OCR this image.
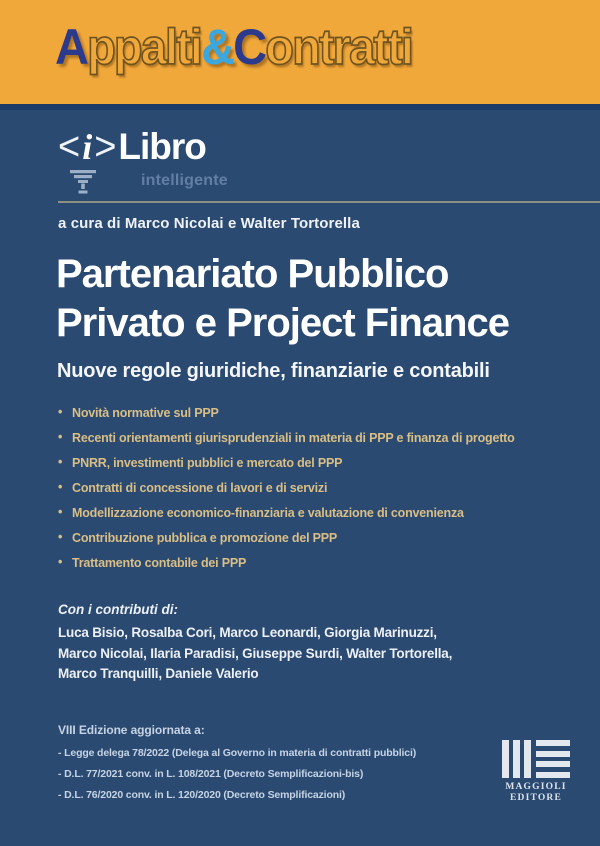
Appalti&Contratti
<i>Libro
intelligente
a cura di Marco Nicolai e Walter Tortorella
Partenariato Pubblico
Privato e Project Finance
Nuove regole giuridiche, finanziarie e contabili
• Novità normative sul PPP
• Recenti orientamenti giurisprudenziali in materia di PPP e finanza di progetto
• PNRR, investimenti pubblici e mercato del PPP
• Contratti di concessione di lavori e di servizi
• Modellizzazione economico-finanziaria e valutazione di convenienza
• Contribuzione pubblica e promozione del PPP
• Trattamento contabile dei PPP
Con i contributi di:
Luca Bisio, Rosalba Cori, Marco Leonardi, Giorgia Marinuzzi,
Marco Nicolai, Ilaria Paradisi, Giuseppe Surdi, Walter Tortorella,
Marco Tranquilli, Daniele Valerio
VIII Edizione aggiornata a:
- Legge delega 78/2022 (Delega al Governo in materia di contratti pubblici)
- D.L. 77/2021 conv. in L. 108/2021 (Decreto Semplificazioni-bis)
- D.L. 76/2020 conv. in L. 120/2020 (Decreto Semplificazioni)
MAGGIOLI
EDITORE
